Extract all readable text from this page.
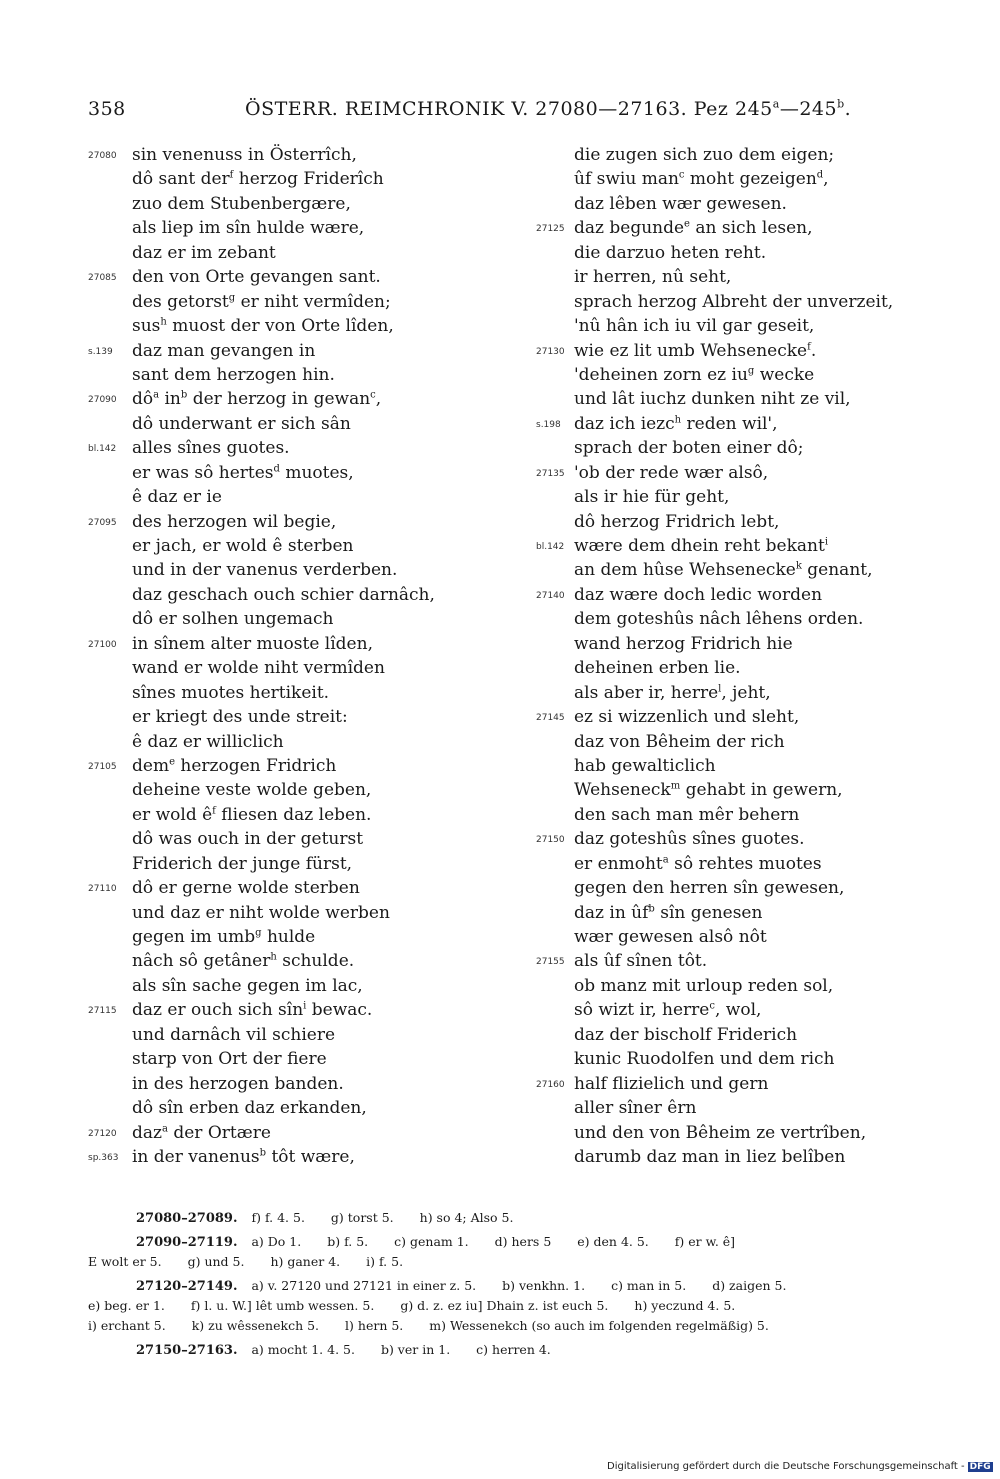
358	ÖSTERR. REIMCHRONIK V. 27080—27163. Pez 245$^a$—245$^b$.
27080 sin venenuss in Österrîch,
dô sant der$^f$ herzog Friderîch
zuo dem Stubenbergære,
als liep im sîn hulde wære,
daz er im zebant
27085 den von Orte gevangen sant.
des getorst$^g$ er niht vermîden;
sus$^h$ muost der von Orte lîden,
s.139 daz man gevangen in
sant dem herzogen hin.
27090 $dô^a$ $in^b$ der herzog in gewan$^c$,
dô underwant er sich sân
bl.142 alles sînes guotes.
er was sô hertes$^d$ muotes,
ê daz er ie
27095 des herzogen wil begie,
er jach, er wold ê sterben
und in der vanenus verderben.
daz geschach ouch schier darnâch,
dô er solhen ungemach
27100 in sînem alter muoste lîden,
wand er wolde niht vermîden
sînes muotes hertikeit.
er kriegt des unde streit:
ê daz er williclich
27105 dem$^e$ herzogen Fridrich
deheine veste wolde geben,
er wold $ê^f$ fliesen daz leben.
dô was ouch in der geturst
Friderich der junge fürst,
27110 dô er gerne wolde sterben
und daz er niht wolde werben
gegen im umb$^g$ hulde
nâch sô getâner$^h$ schulde.
als sîn sache gegen im lac,
27115 daz er ouch sich sîn$^i$ bewac.
und darnâch vil schiere
starp von Ort der fiere
in des herzogen banden.
dô sîn erben daz erkanden,
27120 daz$^a$ der Ortære
sp.363 in der vanenus$^b$ tôt wære,
die zugen sich zuo dem eigen;
ûf swiu man$^c$ moht gezeigen$^d$,
daz lêben wær gewesen.
27125 daz begunde$^e$ an sich lesen,
die darzuo heten reht.
ir herren, nû seht,
sprach herzog Albreht der unverzeit,
'nû hân ich iu vil gar geseit,
27130 wie ez lit umb Wehsenecke$^f$.
'deheinen zorn ez $iu^g$ wecke
und lât iuchz dunken niht ze vil,
s.198 daz ich iezc$^h$ reden wil',
sprach der boten einer dô;
27135 'ob der rede wær alsô,
als ir hie für geht,
dô herzog Fridrich lebt,
bl.142 wære dem dhein reht bekant$^i$
an dem hûse Wehsenecke$^k$ genant,
27140 daz wære doch ledic worden
dem goteshûs nâch lêhens orden.
wand herzog Fridrich hie
deheinen erben lie.
als aber ir, herre$^l$, jeht,
27145 ez si wizzenlich und sleht,
daz von Bêheim der rich
hab gewalticlich
Wehseneck$^m$ gehabt in gewern,
den sach man mêr behern
27150 daz goteshûs sînes guotes.
er enmoht$^a$ sô rehtes muotes
gegen den herren sîn gewesen,
daz in $ûf^b$ sîn genesen
wær gewesen alsô nôt
27155 als ûf sînen tôt.
ob manz mit urloup reden sol,
sô wizt ir, herre$^c$, wol,
daz der bischolf Friderich
kunic Ruodolfen und dem rich
27160 half flizielich und gern
aller sîner êrn
und den von Bêheim ze vertrîben,
darumb daz man in liez belîben
27080–27089. f) f. 4. 5. g) torst 5. h) so 4; Also 5.
27090–27119. a) Do 1. b) f. 5. c) genam 1. d) hers 5 e) den 4. 5. f) er w. ê]
E wolt er 5. g) und 5. h) ganer 4. i) f. 5.
27120–27149. a) v. 27120 und 27121 in einer z. 5. b) venkhn. 1. c) man in 5. d) zaigen 5.
e) beg. er 1. f) l. u. W.] lêt umb wessen. 5. g) d. z. ez iu] Dhain z. ist euch 5. h) yeczund 4. 5.
i) erchant 5. k) zu wêssenekch 5. l) hern 5. m) Wessenekch (so auch im folgenden regelmäßig) 5.
27150–27163. a) mocht 1. 4. 5. b) ver in 1. c) herren 4.
Digitalisierung gefördert durch die Deutsche Forschungsgemeinschaft - DFG
